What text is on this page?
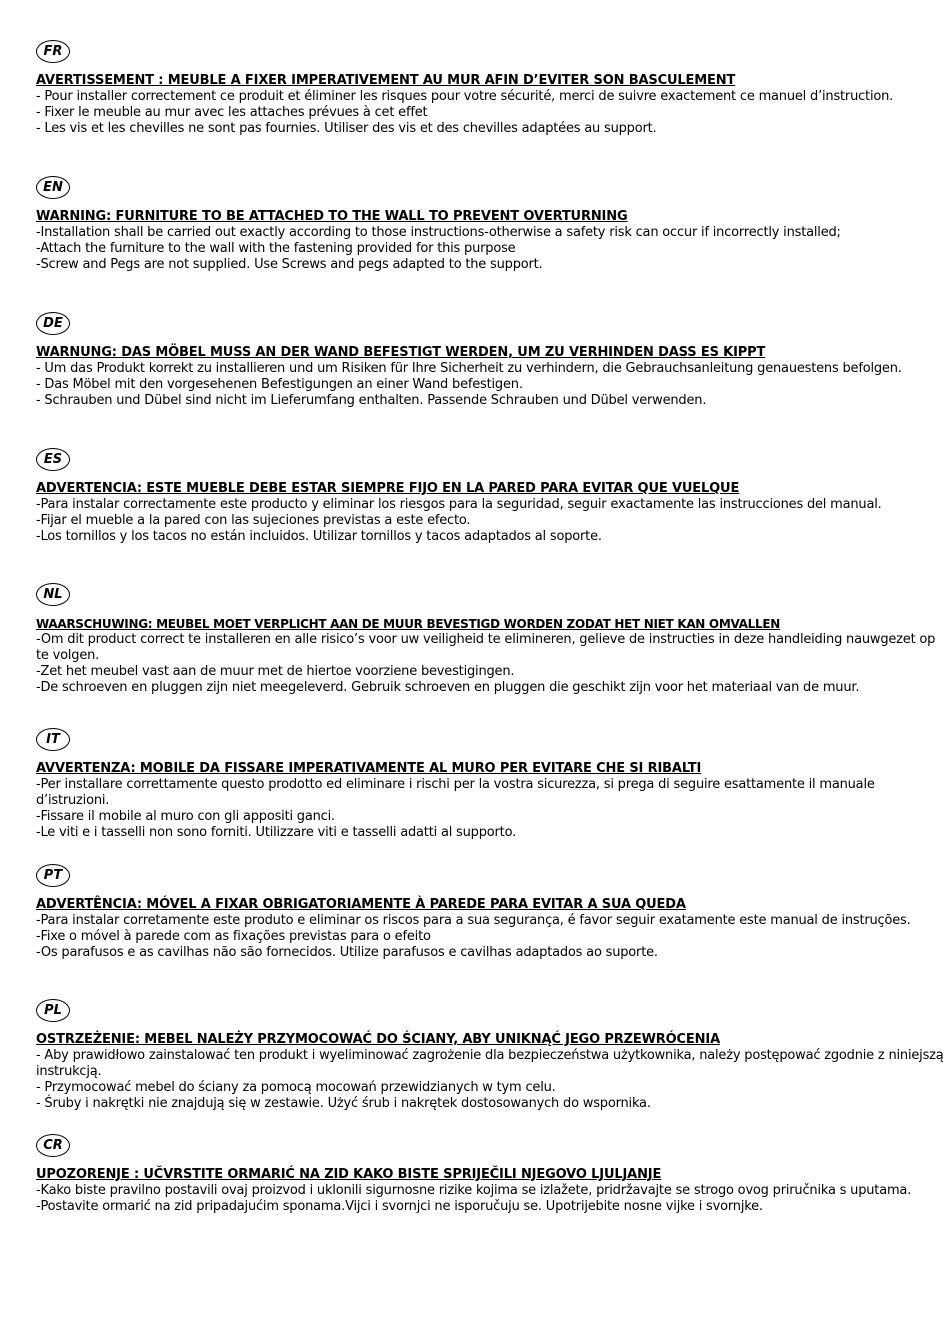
FR
AVERTISSEMENT : MEUBLE A FIXER IMPERATIVEMENT AU MUR AFIN D’EVITER SON BASCULEMENT
- Pour installer correctement ce produit et éliminer les risques pour votre sécurité, merci de suivre exactement ce manuel d’instruction.
- Fixer le meuble au mur avec les attaches prévues à cet effet
- Les vis et les chevilles ne sont pas fournies. Utiliser des vis et des chevilles adaptées au support.
EN
WARNING: FURNITURE TO BE ATTACHED TO THE WALL TO PREVENT OVERTURNING
-Installation shall be carried out exactly according to those instructions-otherwise a safety risk can occur if incorrectly installed;
-Attach the furniture to the wall with the fastening provided for this purpose
-Screw and Pegs are not supplied. Use Screws and pegs adapted to the support.
DE
WARNUNG: DAS MÖBEL MUSS AN DER WAND BEFESTIGT WERDEN, UM ZU VERHINDEN DASS ES KIPPT
- Um das Produkt korrekt zu installieren und um Risiken für Ihre Sicherheit zu verhindern, die Gebrauchsanleitung genauestens befolgen.
- Das Möbel mit den vorgesehenen Befestigungen an einer Wand befestigen.
- Schrauben und Dübel sind nicht im Lieferumfang enthalten. Passende Schrauben und Dübel verwenden.
ES
ADVERTENCIA: ESTE MUEBLE DEBE ESTAR SIEMPRE FIJO EN LA PARED PARA EVITAR QUE VUELQUE
-Para instalar correctamente este producto y eliminar los riesgos para la seguridad, seguir exactamente las instrucciones del manual.
-Fijar el mueble a la pared con las sujeciones previstas a este efecto.
-Los tornillos y los tacos no están incluidos. Utilizar tornillos y tacos adaptados al soporte.
NL
WAARSCHUWING: MEUBEL MOET VERPLICHT AAN DE MUUR BEVESTIGD WORDEN ZODAT HET NIET KAN OMVALLEN
-Om dit product correct te installeren en alle risico’s voor uw veiligheid te elimineren, gelieve de instructies in deze handleiding nauwgezet op te volgen.
-Zet het meubel vast aan de muur met de hiertoe voorziene bevestigingen.
-De schroeven en pluggen zijn niet meegeleverd. Gebruik schroeven en pluggen die geschikt zijn voor het materiaal van de muur.
IT
AVVERTENZA: MOBILE DA FISSARE IMPERATIVAMENTE AL MURO PER EVITARE CHE SI RIBALTI
-Per installare correttamente questo prodotto ed eliminare i rischi per la vostra sicurezza, si prega di seguire esattamente il manuale d’istruzioni.
-Fissare il mobile al muro con gli appositi ganci.
-Le viti e i tasselli non sono forniti. Utilizzare viti e tasselli adatti al supporto.
PT
ADVERTÊNCIA: MÓVEL A FIXAR OBRIGATORIAMENTE À PAREDE PARA EVITAR A SUA QUEDA
-Para instalar corretamente este produto e eliminar os riscos para a sua segurança, é favor seguir exatamente este manual de instruções.
-Fixe o móvel à parede com as fixações previstas para o efeito
-Os parafusos e as cavilhas não são fornecidos. Utilize parafusos e cavilhas adaptados ao suporte.
PL
OSTRZEŻENIE: MEBEL NALEŻY PRZYMOCOWAĆ DO ŚCIANY, ABY UNIKNĄĆ JEGO PRZEWRÓCENIA
- Aby prawidłowo zainstalować ten produkt i wyeliminować zagrożenie dla bezpieczeństwa użytkownika, należy postępować zgodnie z niniejszą instrukcją.
- Przymocować mebel do ściany za pomocą mocowań przewidzianych w tym celu.
- Śruby i nakrętki nie znajdują się w zestawie. Użyć śrub i nakrętek dostosowanych do wspornika.
CR
UPOZORENJE : UČVRSTITE ORMARIĆ NA ZID KAKO BISTE SPRIJEČILI NJEGOVO LJULJANJE
-Kako biste pravilno postavili ovaj proizvod i uklonili sigurnosne rizike kojima se izlažete, pridržavajte se strogo ovog priručnika s uputama.
-Postavite ormarić na zid pripadajućim sponama.Vijci i svornjci ne isporučuju se. Upotrijebite nosne vijke i svornjke.
